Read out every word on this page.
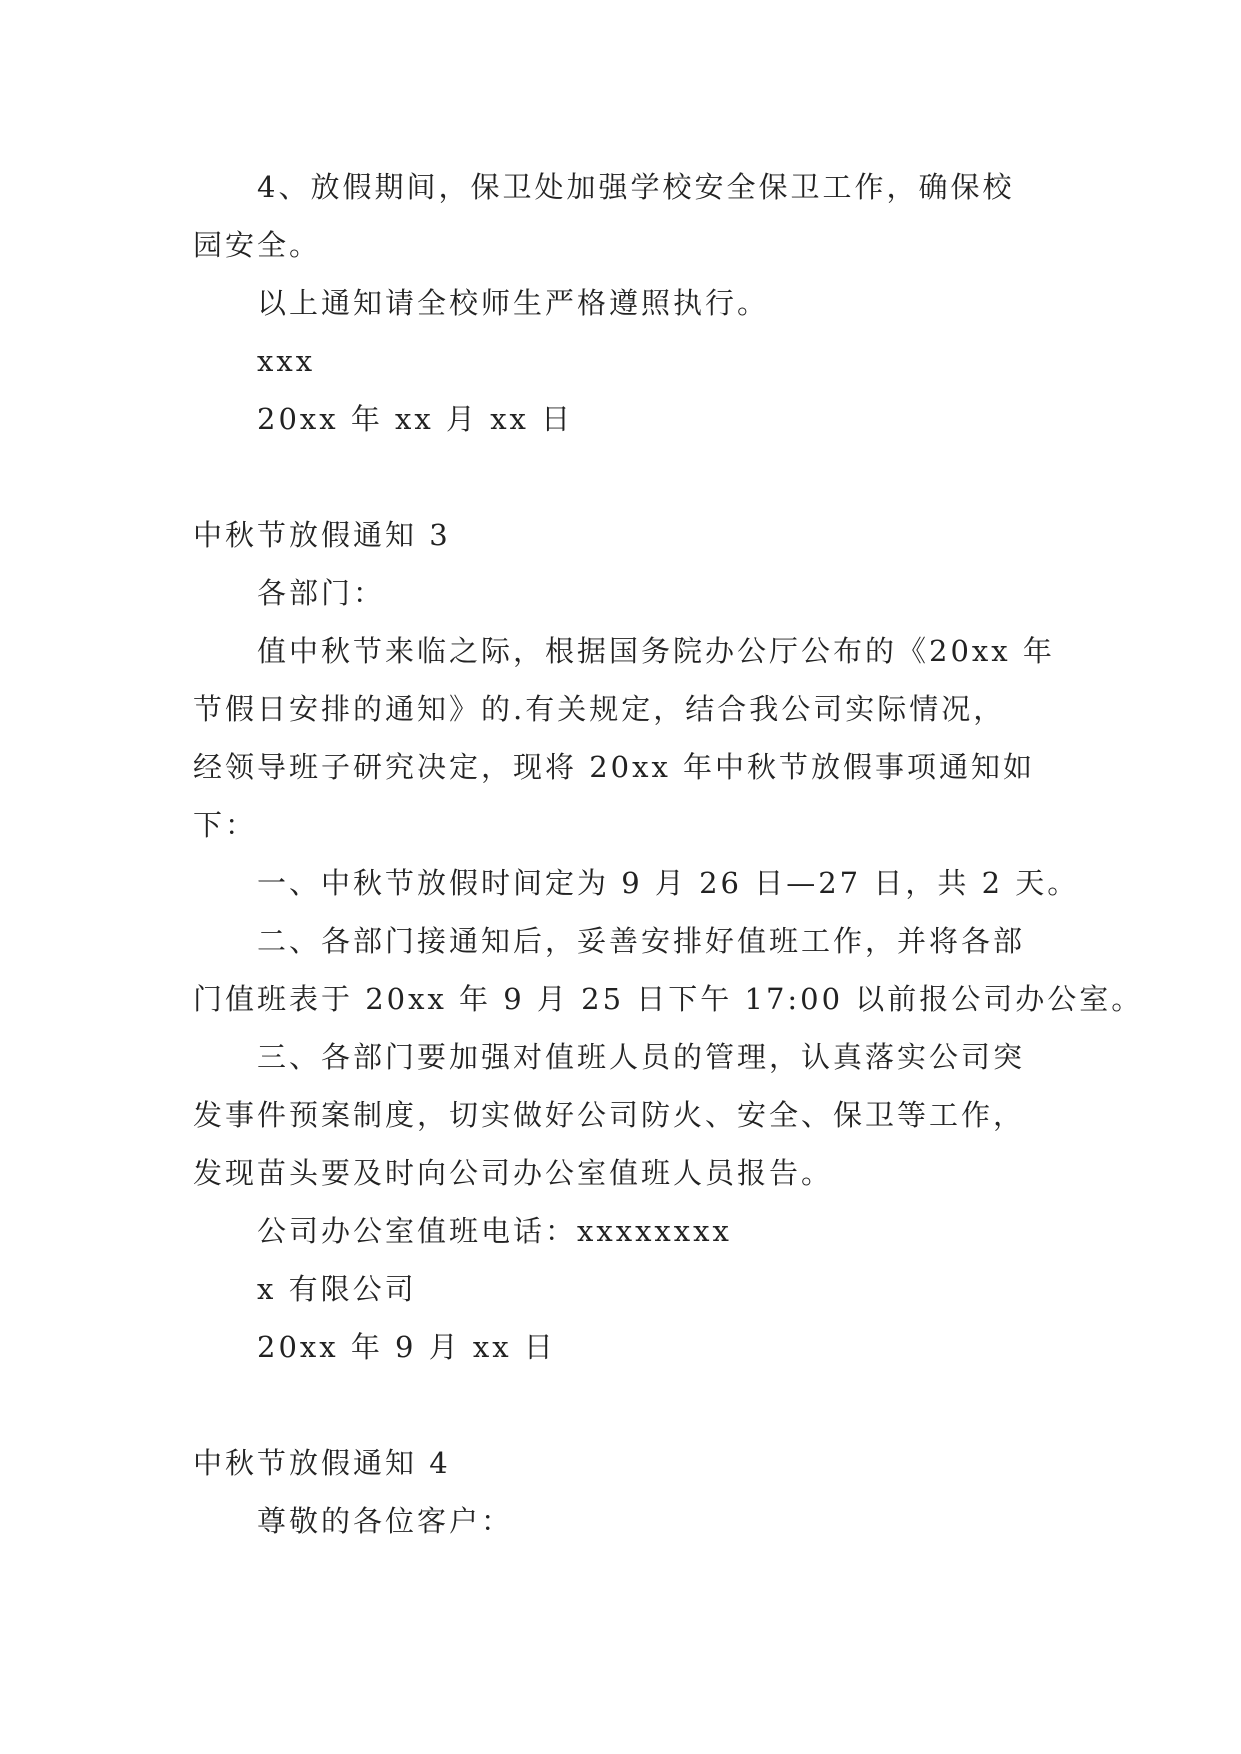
4、放假期间，保卫处加强学校安全保卫工作，确保校
园安全。
以上通知请全校师生严格遵照执行。
xxx
20xx 年 xx 月 xx 日
中秋节放假通知 3
各部门：
值中秋节来临之际，根据国务院办公厅公布的《20xx 年
节假日安排的通知》的.有关规定，结合我公司实际情况，
经领导班子研究决定，现将 20xx 年中秋节放假事项通知如
下：
一、中秋节放假时间定为 9 月 26 日—27 日，共 2 天。
二、各部门接通知后，妥善安排好值班工作，并将各部
门值班表于 20xx 年 9 月 25 日下午 17:00 以前报公司办公室。
三、各部门要加强对值班人员的管理，认真落实公司突
发事件预案制度，切实做好公司防火、安全、保卫等工作，
发现苗头要及时向公司办公室值班人员报告。
公司办公室值班电话：xxxxxxxx
x 有限公司
20xx 年 9 月 xx 日
中秋节放假通知 4
尊敬的各位客户：
